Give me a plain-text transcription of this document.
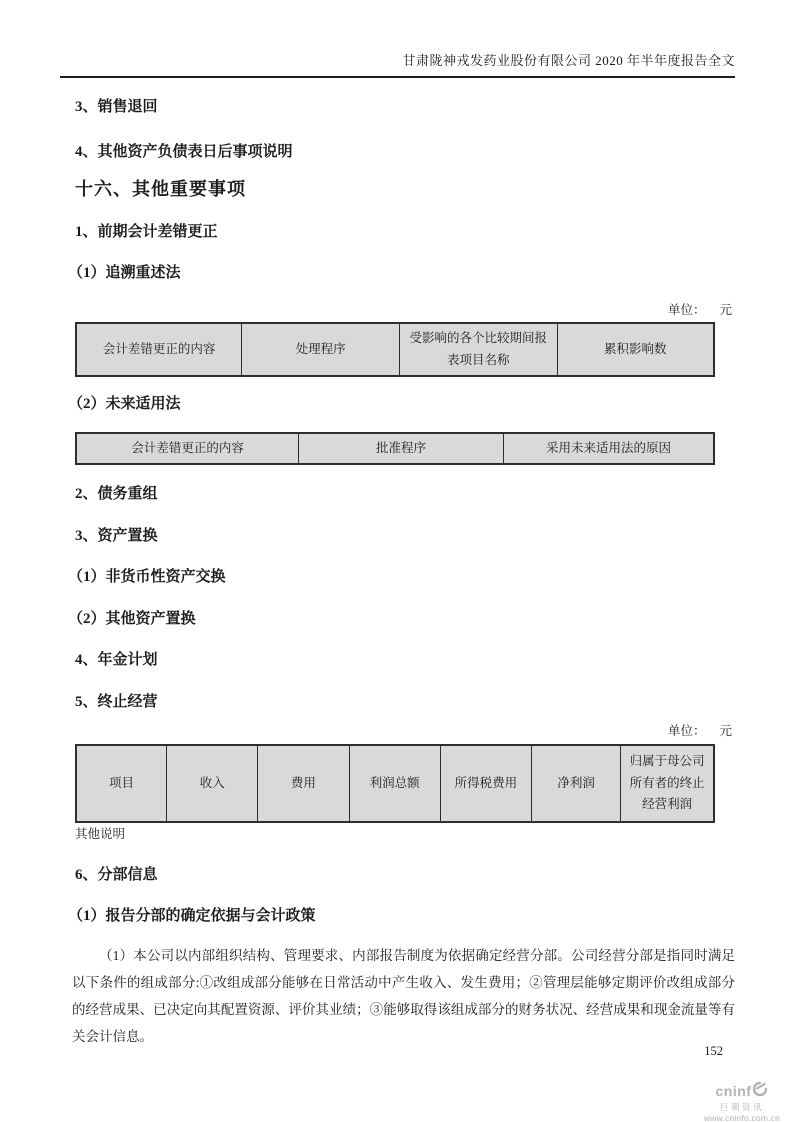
甘肃陇神戎发药业股份有限公司 2020 年半年度报告全文
3、销售退回
4、其他资产负债表日后事项说明
十六、其他重要事项
1、前期会计差错更正
（1）追溯重述法
单位： 元
会计差错更正的内容	处理程序	受影响的各个比较期间报表项目名称	累积影响数
（2）未来适用法
会计差错更正的内容	批准程序	采用未来适用法的原因
2、债务重组
3、资产置换
（1）非货币性资产交换
（2）其他资产置换
4、年金计划
5、终止经营
单位： 元
项目	收入	费用	利润总额	所得税费用	净利润	归属于母公司所有者的终止经营利润
其他说明
6、分部信息
（1）报告分部的确定依据与会计政策
（1）本公司以内部组织结构、管理要求、内部报告制度为依据确定经营分部。公司经营分部是指同时满足以下条件的组成部分:①改组成部分能够在日常活动中产生收入、发生费用；②管理层能够定期评价改组成部分的经营成果、已决定向其配置资源、评价其业绩；③能够取得该组成部分的财务状况、经营成果和现金流量等有关会计信息。
152
cninf
巨潮资讯
www.cninfo.com.cn
